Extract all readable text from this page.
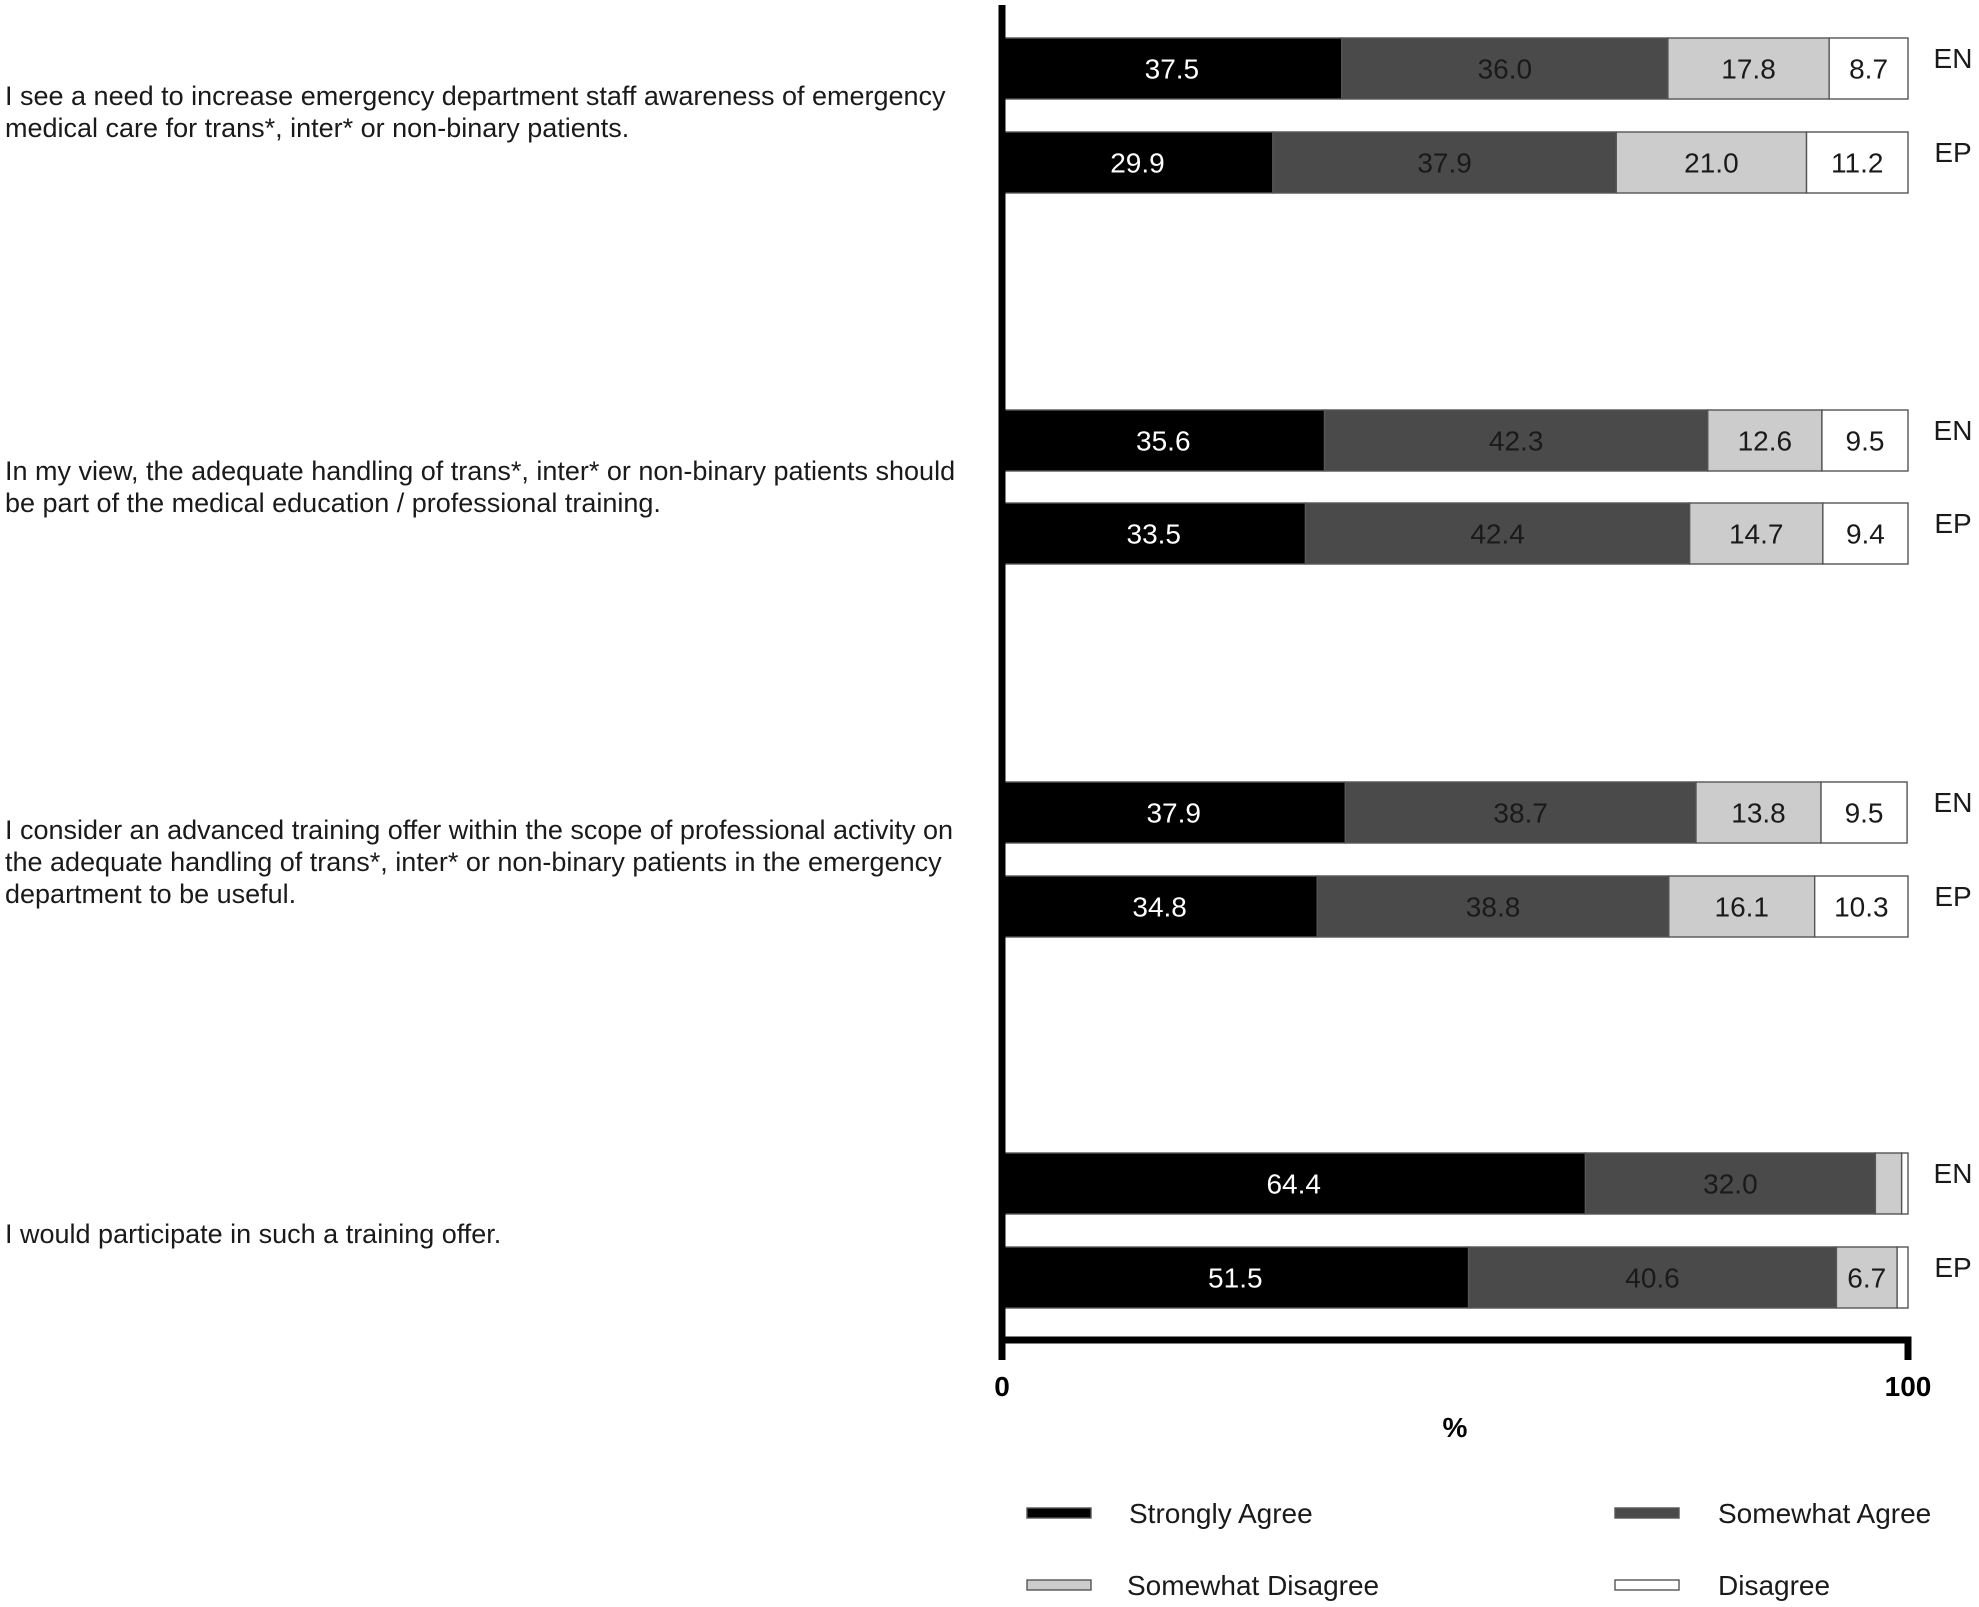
I see a need to increase emergency department staff awareness of emergency medical care for trans*, inter* or non-binary patients.
In my view, the adequate handling of trans*, inter* or non-binary patients should be part of the medical education / professional training.
I consider an advanced training offer within the scope of professional activity on the adequate handling of trans*, inter* or non-binary patients in the emergency department to be useful.
I would participate in such a training offer.
37.5	36.0	17.8	8.7 EN
29.9	37.9	21.0	11.2 EP
35.6	42.3	12.6 9.5 EN
33.5	42.4	14.7 9.4 EP
37.9	38.7	13.8 9.5 EN
34.8	38.8	16.1 10.3 EP
64.4	32.0	EN
51.5	40.6	6.7 EP
0	100
%
Strongly Agree	Somewhat Agree
Somewhat Disagree	Disagree
